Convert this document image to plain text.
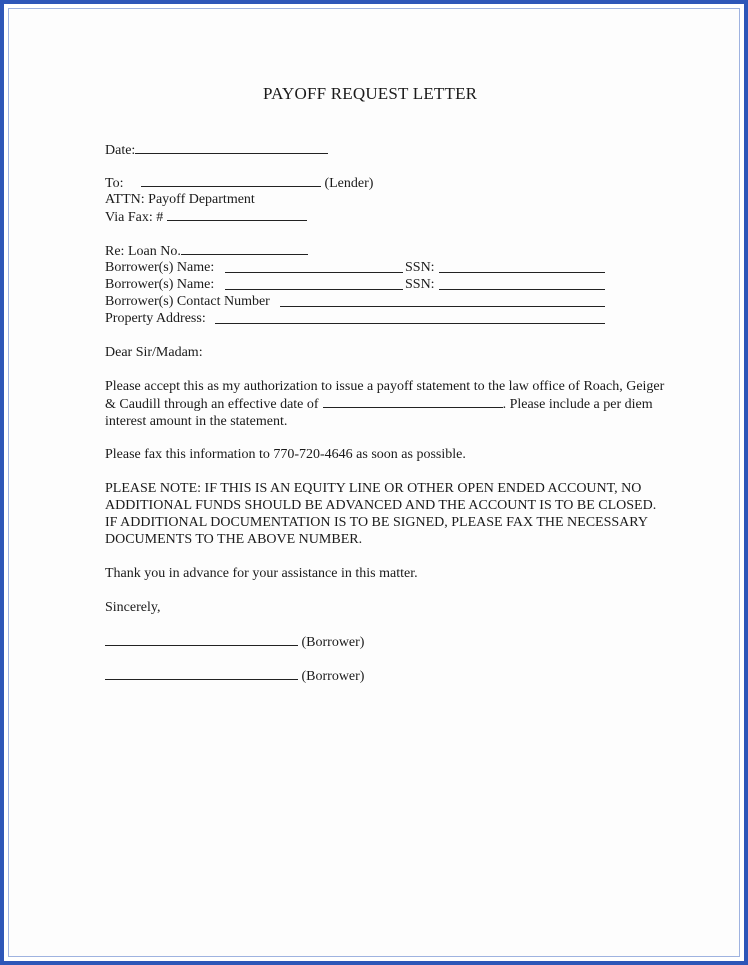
PAYOFF REQUEST LETTER
Date:
To:	(Lender)
ATTN: Payoff Department
Via Fax: #
Re: Loan No.
Borrower(s) Name:	SSN:
Borrower(s) Name:	SSN:
Borrower(s) Contact Number
Property Address:
Dear Sir/Madam:
Please accept this as my authorization to issue a payoff statement to the law office of Roach, Geiger
& Caudill through an effective date of	. Please include a per diem
interest amount in the statement.
Please fax this information to 770-720-4646 as soon as possible.
PLEASE NOTE: IF THIS IS AN EQUITY LINE OR OTHER OPEN ENDED ACCOUNT, NO
ADDITIONAL FUNDS SHOULD BE ADVANCED AND THE ACCOUNT IS TO BE CLOSED.
IF ADDITIONAL DOCUMENTATION IS TO BE SIGNED, PLEASE FAX THE NECESSARY
DOCUMENTS TO THE ABOVE NUMBER.
Thank you in advance for your assistance in this matter.
Sincerely,
(Borrower)
(Borrower)
